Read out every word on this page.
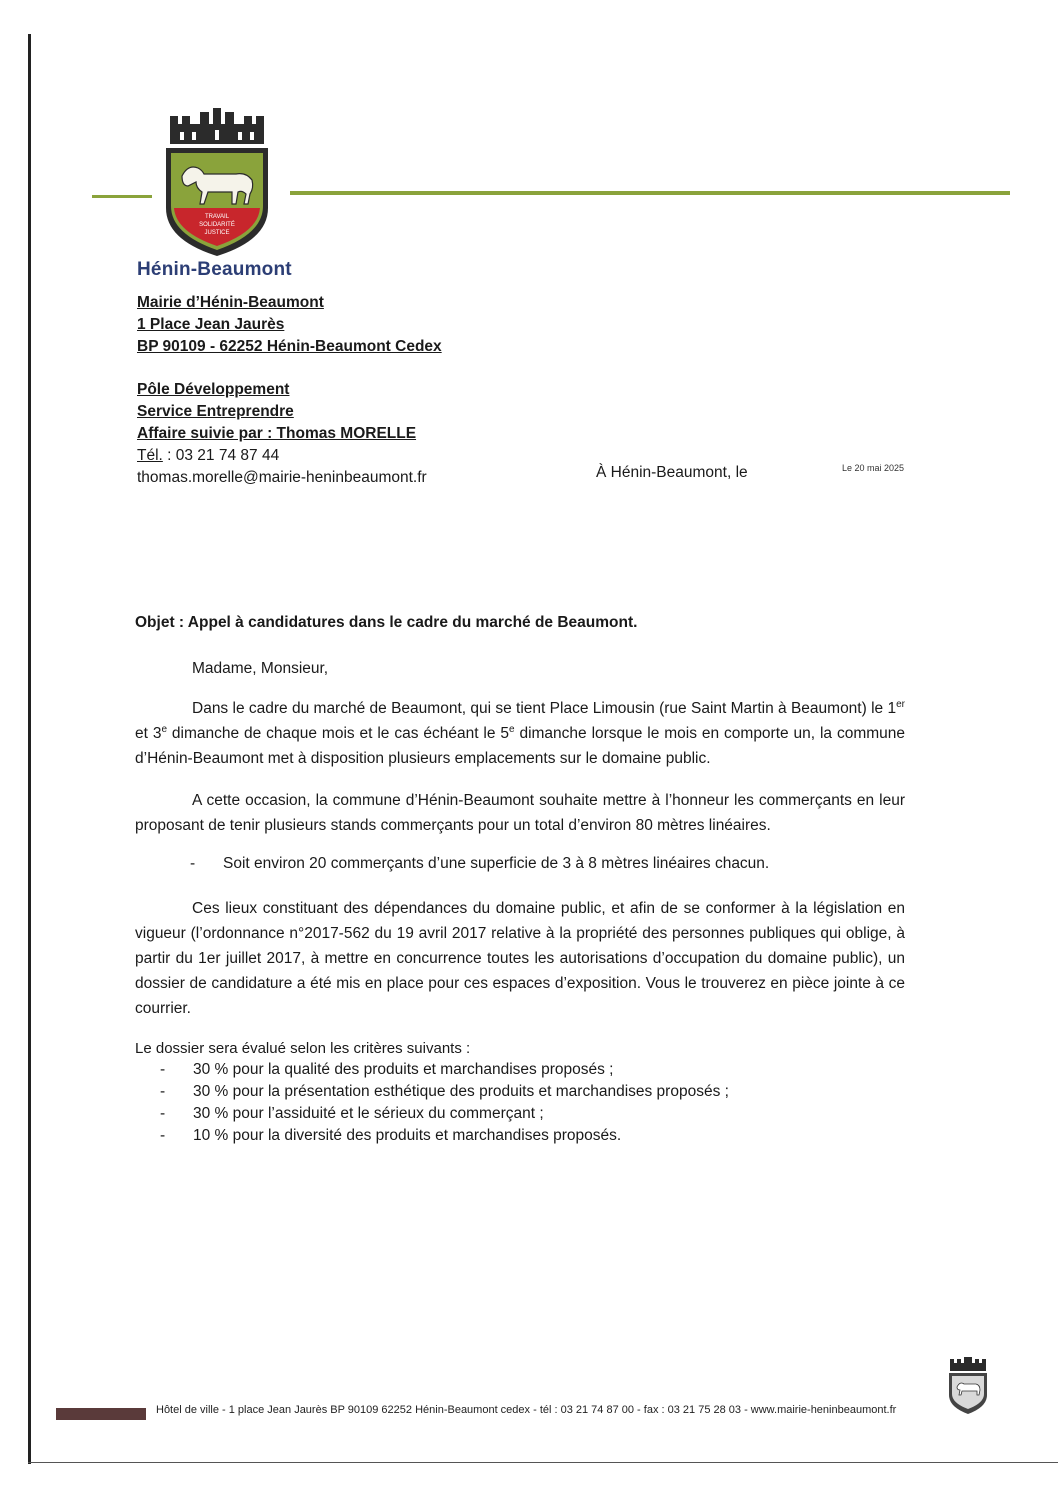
TRAVAIL
SOLIDARITÉ
JUSTICE
Hénin-Beaumont
Mairie d’Hénin-Beaumont
1 Place Jean Jaurès
BP 90109 - 62252 Hénin-Beaumont Cedex
Pôle Développement
Service Entreprendre
Affaire suivie par : Thomas MORELLE
Tél. : 03 21 74 87 44
thomas.morelle@mairie-heninbeaumont.fr	À Hénin-Beaumont, le	Le 20 mai 2025
Objet : Appel à candidatures dans le cadre du marché de Beaumont.
Madame, Monsieur,
Dans le cadre du marché de Beaumont, qui se tient Place Limousin (rue Saint Martin à Beaumont) le 1er et 3e dimanche de chaque mois et le cas échéant le 5e dimanche lorsque le mois en comporte un, la commune d’Hénin-Beaumont met à disposition plusieurs emplacements sur le domaine public.
A cette occasion, la commune d’Hénin-Beaumont souhaite mettre à l’honneur les commerçants en leur proposant de tenir plusieurs stands commerçants pour un total d’environ 80 mètres linéaires.
-	Soit environ 20 commerçants d’une superficie de 3 à 8 mètres linéaires chacun.
Ces lieux constituant des dépendances du domaine public, et afin de se conformer à la législation en vigueur (l’ordonnance n°2017-562 du 19 avril 2017 relative à la propriété des personnes publiques qui oblige, à partir du 1er juillet 2017, à mettre en concurrence toutes les autorisations d’occupation du domaine public), un dossier de candidature a été mis en place pour ces espaces d’exposition. Vous le trouverez en pièce jointe à ce courrier.
Le dossier sera évalué selon les critères suivants :
-	30 % pour la qualité des produits et marchandises proposés ;
-	30 % pour la présentation esthétique des produits et marchandises proposés ;
-	30 % pour l’assiduité et le sérieux du commerçant ;
-	10 % pour la diversité des produits et marchandises proposés.
Hôtel de ville - 1 place Jean Jaurès BP 90109 62252 Hénin-Beaumont cedex - tél : 03 21 74 87 00 - fax : 03 21 75 28 03 - www.mairie-heninbeaumont.fr
